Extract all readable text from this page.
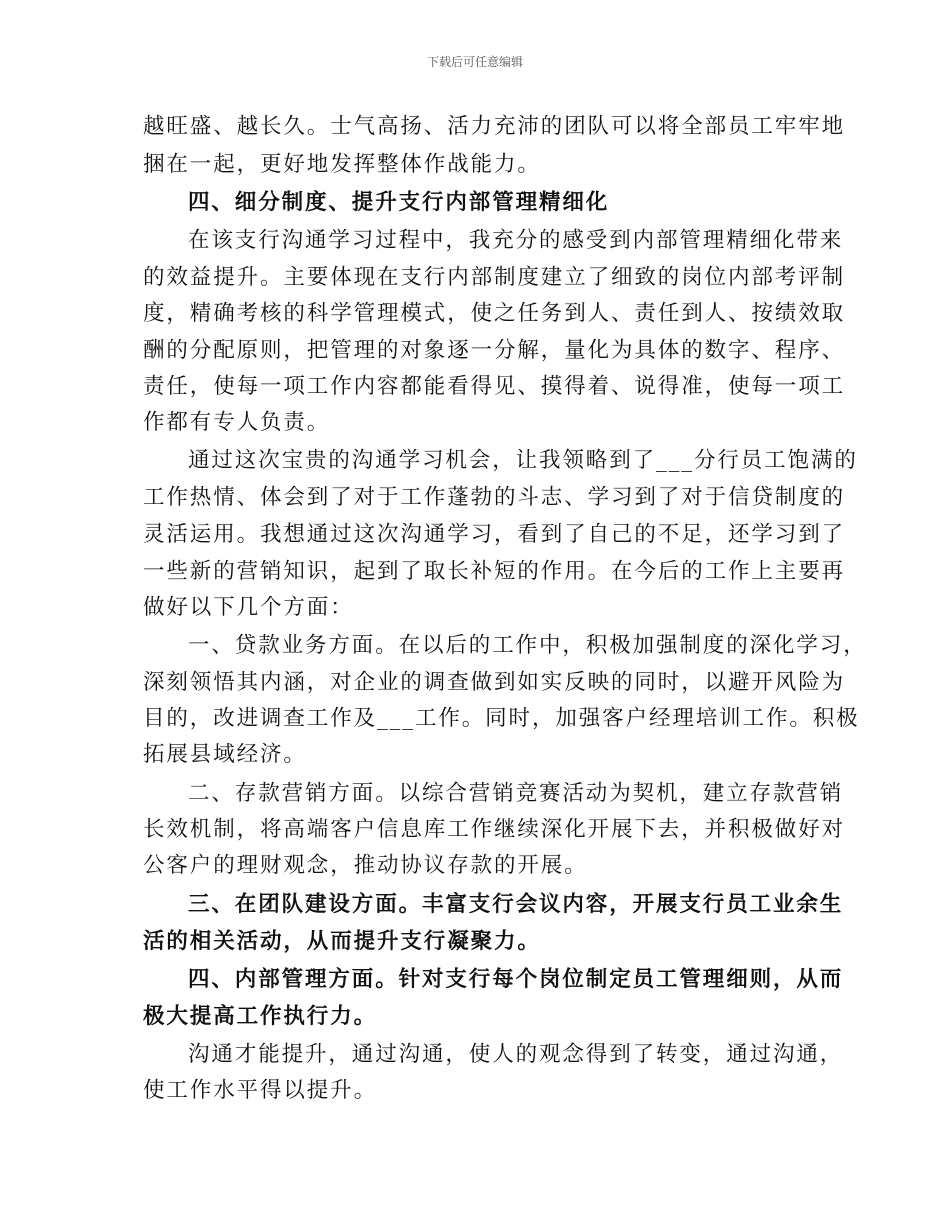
下载后可任意编辑
越旺盛、越长久。士气高扬、活力充沛的团队可以将全部员工牢牢地
捆在一起，更好地发挥整体作战能力。
四、细分制度、提升支行内部管理精细化
在该支行沟通学习过程中，我充分的感受到内部管理精细化带来
的效益提升。主要体现在支行内部制度建立了细致的岗位内部考评制
度，精确考核的科学管理模式，使之任务到人、责任到人、按绩效取
酬的分配原则，把管理的对象逐一分解，量化为具体的数字、程序、
责任，使每一项工作内容都能看得见、摸得着、说得准，使每一项工
作都有专人负责。
通过这次宝贵的沟通学习机会，让我领略到了___分行员工饱满的
工作热情、体会到了对于工作蓬勃的斗志、学习到了对于信贷制度的
灵活运用。我想通过这次沟通学习，看到了自己的不足，还学习到了
一些新的营销知识，起到了取长补短的作用。在今后的工作上主要再
做好以下几个方面：
一、贷款业务方面。在以后的工作中，积极加强制度的深化学习，
深刻领悟其内涵，对企业的调查做到如实反映的同时，以避开风险为
目的，改进调查工作及___工作。同时，加强客户经理培训工作。积极
拓展县域经济。
二、存款营销方面。以综合营销竞赛活动为契机，建立存款营销
长效机制，将高端客户信息库工作继续深化开展下去，并积极做好对
公客户的理财观念，推动协议存款的开展。
三、在团队建设方面。丰富支行会议内容，开展支行员工业余生
活的相关活动，从而提升支行凝聚力。
四、内部管理方面。针对支行每个岗位制定员工管理细则，从而
极大提高工作执行力。
沟通才能提升，通过沟通，使人的观念得到了转变，通过沟通，
使工作水平得以提升。
